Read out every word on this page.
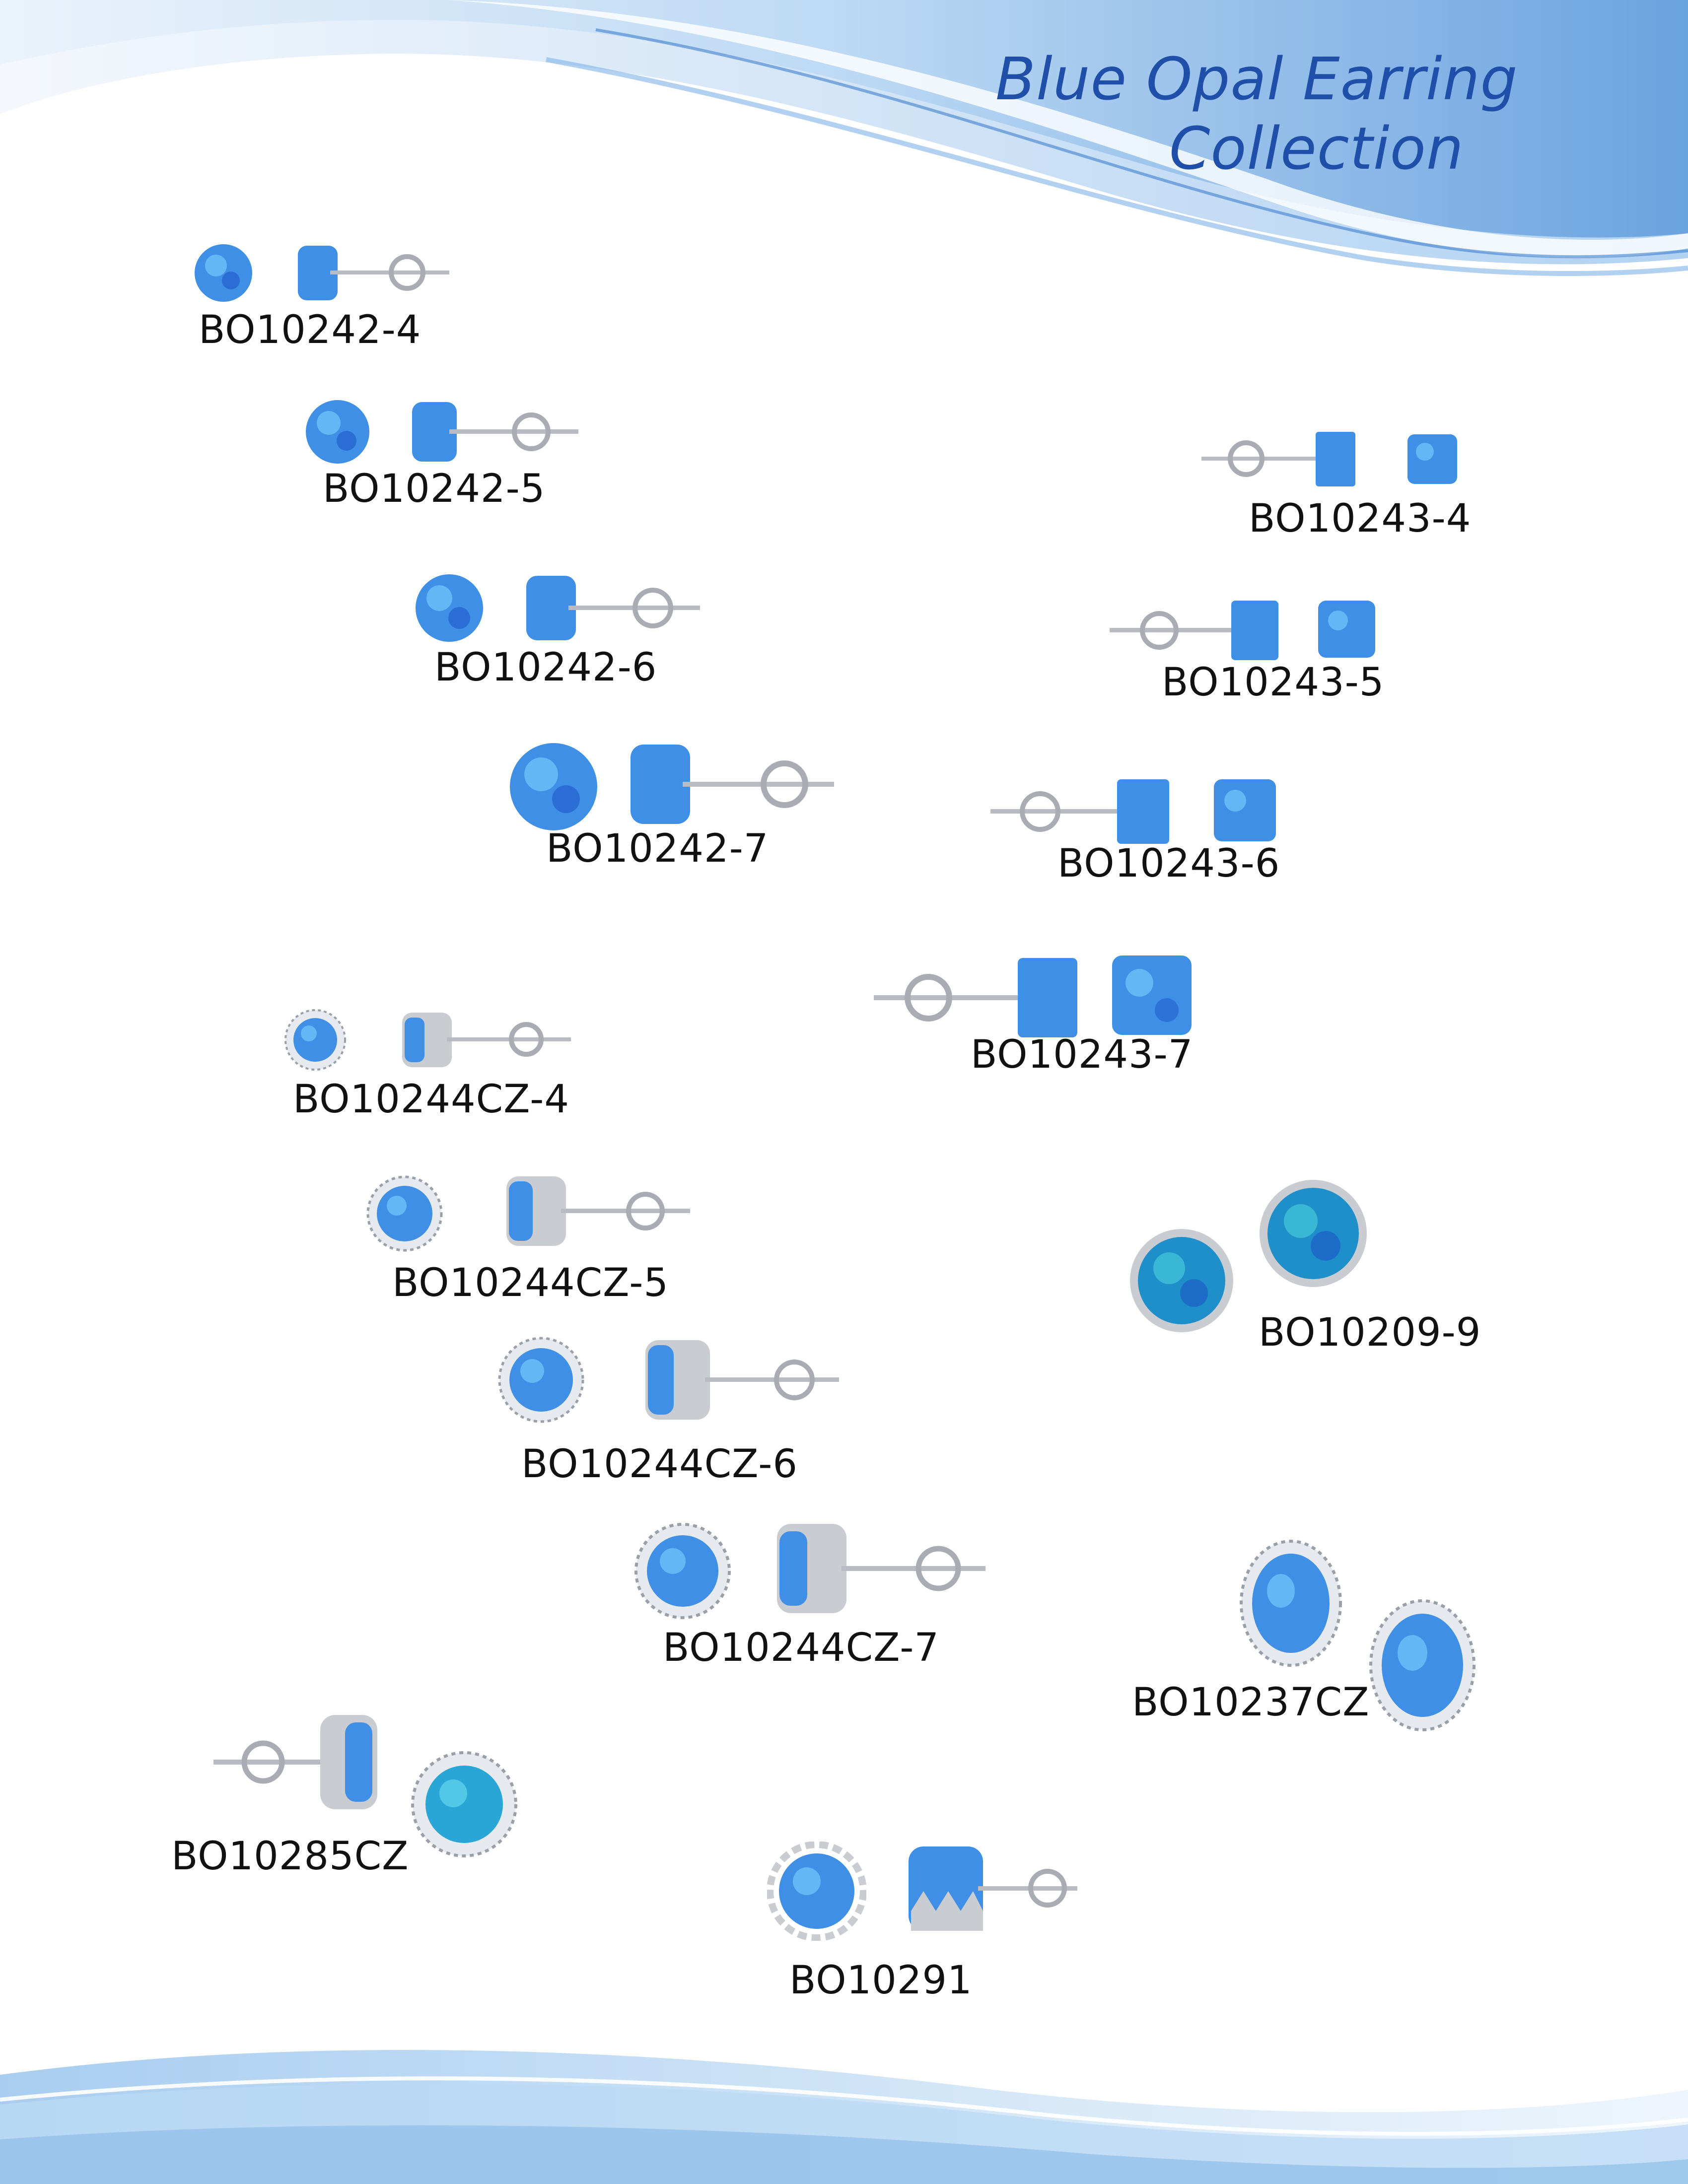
Blue Opal Earring
Collection
BO10242-4
BO10242-5
BO10242-6
BO10242-7
BO10243-4
BO10243-5
BO10243-6
BO10243-7
BO10244CZ-4
BO10244CZ-5
BO10244CZ-6
BO10244CZ-7
BO10209-9
BO10237CZ
BO10285CZ
BO10291
